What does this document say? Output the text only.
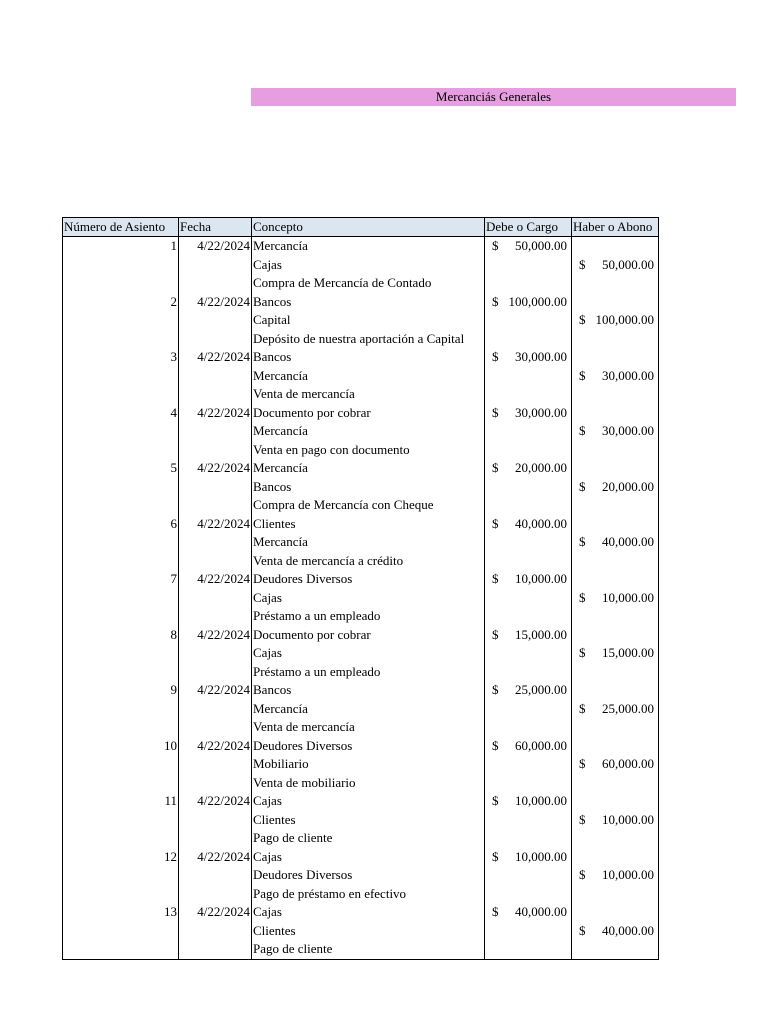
Mercanciás Generales
Número de Asiento	Fecha	Concepto	Debe o Cargo	Haber o Abono
1	4/22/2024	Mercancía	$ 50,000.00	

		Cajas		$ 50,000.00

		Compra de Mercancía de Contado		
2	4/22/2024	Bancos	$ 100,000.00	

		Capital		$ 100,000.00

		Depósito de nuestra aportación a Capital		
3	4/22/2024	Bancos	$ 30,000.00	

		Mercancía		$ 30,000.00

		Venta de mercancía		
4	4/22/2024	Documento por cobrar	$ 30,000.00	

		Mercancía		$ 30,000.00

		Venta en pago con documento		
5	4/22/2024	Mercancía	$ 20,000.00	

		Bancos		$ 20,000.00

		Compra de Mercancía con Cheque		
6	4/22/2024	Clientes	$ 40,000.00	

		Mercancía		$ 40,000.00

		Venta de mercancía a crédito		
7	4/22/2024	Deudores Diversos	$ 10,000.00	

		Cajas		$ 10,000.00

		Préstamo a un empleado		
8	4/22/2024	Documento por cobrar	$ 15,000.00	

		Cajas		$ 15,000.00

		Préstamo a un empleado		
9	4/22/2024	Bancos	$ 25,000.00	

		Mercancía		$ 25,000.00

		Venta de mercancía		
10	4/22/2024	Deudores Diversos	$ 60,000.00	

		Mobiliario		$ 60,000.00

		Venta de mobiliario		
11	4/22/2024	Cajas	$ 10,000.00	

		Clientes		$ 10,000.00

		Pago de cliente		
12	4/22/2024	Cajas	$ 10,000.00	

		Deudores Diversos		$ 10,000.00

		Pago de préstamo en efectivo		
13	4/22/2024	Cajas	$ 40,000.00	

		Clientes		$ 40,000.00

		Pago de cliente		
